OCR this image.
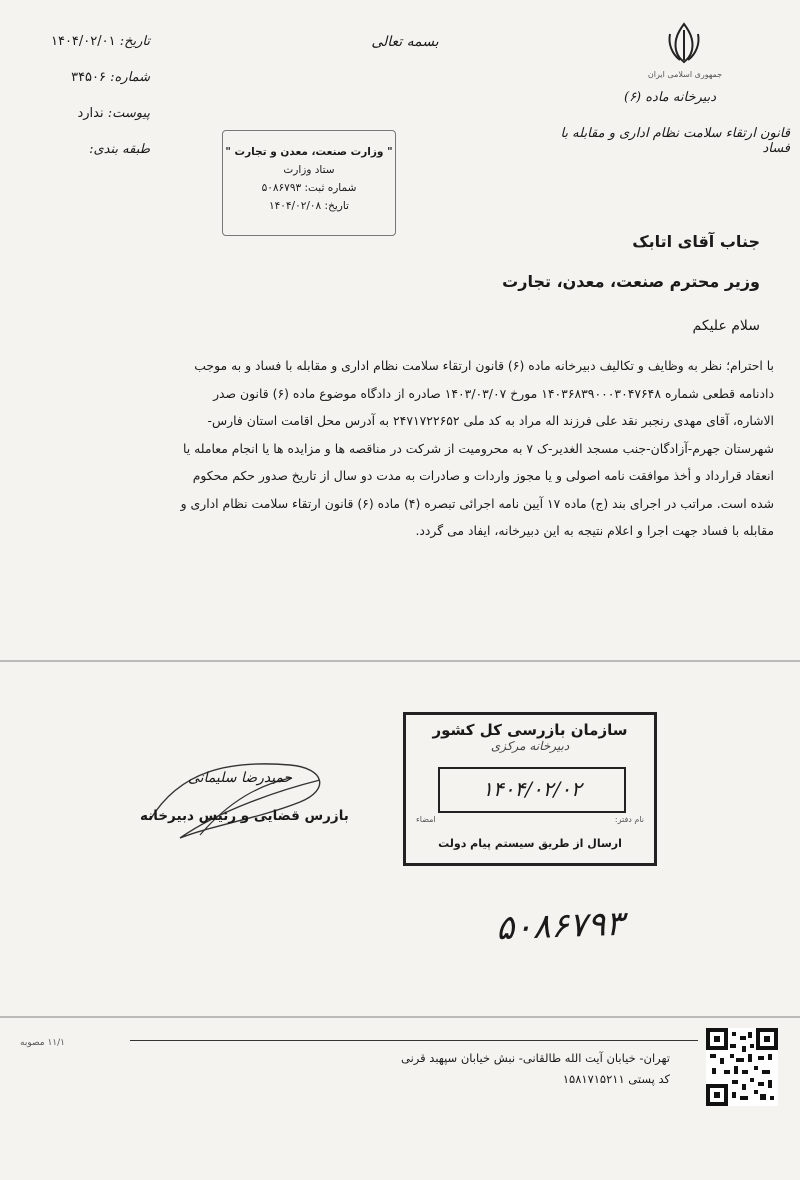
جمهوری اسلامی ایران
دبیرخانه ماده (۶)
قانون ارتقاء سلامت نظام اداری و مقابله با فساد
بسمه تعالی
تاریخ: ۱۴۰۴/۰۲/۰۱
شماره: ۳۴۵۰۶
پیوست: ندارد
طبقه بندی:	" وزارت صنعت، معدن و تجارت "
ستاد وزارت
شماره ثبت: ۵۰۸۶۷۹۳
تاریخ: ۱۴۰۴/۰۲/۰۸
جناب آقای اتابک
وزیر محترم صنعت، معدن، تجارت
سلام علیکم

با احترام؛ نظر به وظایف و تکالیف دبیرخانه ماده (۶) قانون ارتقاء سلامت نظام اداری و مقابله با فساد و به موجب

دادنامه قطعی شماره ۱۴۰۳۶۸۳۹۰۰۰۳۰۴۷۶۴۸ مورخ ۱۴۰۳/۰۳/۰۷ صادره از دادگاه موضوع ماده (۶) قانون صدر

الاشاره، آقای مهدی رنجبر نقد علی فرزند اله مراد به کد ملی ۲۴۷۱۷۲۲۶۵۲ به آدرس محل اقامت استان فارس-

شهرستان جهرم-آزادگان-جنب مسجد الغدیر-ک ۷ به محرومیت از شرکت در مناقصه ها و مزایده ها یا انجام معامله یا

انعقاد قرارداد و أخذ موافقت نامه اصولی و یا مجوز واردات و صادرات به مدت دو سال از تاریخ صدور حکم محکوم

شده است. مراتب در اجرای بند (ج) ماده ۱۷ آیین نامه اجرائی تبصره (۴) ماده (۶) قانون ارتقاء سلامت نظام اداری و

مقابله با فساد جهت اجرا و اعلام نتیجه به این دبیرخانه، ایفاد می گردد.

سازمان بازرسی کل کشور
دبیرخانه مرکزی
۱۴۰۴/۰۲/۰۲
نام دفتر:
امضاء
ارسال از طریق سیستم پیام دولت
حمیدرضا سلیمانی
بازرس قضایی و رئیس دبیرخانه
۵۰۸۶۷۹۳
۱۱/۱ مصوبه
تهران- خیابان آیت الله طالقانی- نبش خیابان سپهبد قرنی
کد پستی ۱۵۸۱۷۱۵۲۱۱
